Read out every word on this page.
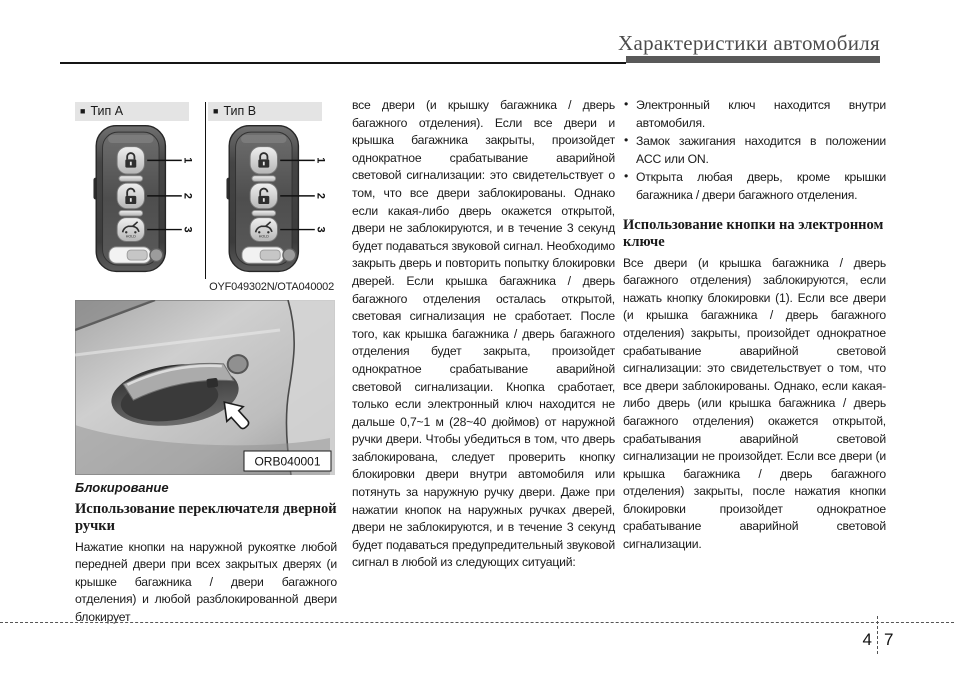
Характеристики автомобиля
■ Тип A
HOLD
1
2
3
■ Тип B
HOLD
1
2
3
OYF049302N/OTA040002
ORB040001
Блокирование
Использование переключателя дверной ручки

Нажатие кнопки на наружной рукоятке любой передней двери при всех закрытых дверях (и крышке багажника / двери багажного отделения) и любой разблокированной двери блокирует

все двери (и крышку багажника / дверь багажного отделения). Если все двери и крышка багажника закрыты, произойдет однократное срабатывание аварийной световой сигнализации: это свидетельствует о том, что все двери заблокированы. Однако если какая-либо дверь окажется открытой, двери не заблокируются, и в течение 3 секунд будет подаваться звуковой сигнал. Необходимо закрыть дверь и повторить попытку блокировки дверей. Если крышка багажника / дверь багажного отделения осталась открытой, световая сигнализация не сработает. После того, как крышка багажника / дверь багажного отделения будет закрыта, произойдет однократное срабатывание аварийной световой сигнализации. Кнопка сработает, только если электронный ключ находится не дальше 0,7~1 м (28~40 дюймов) от наружной ручки двери. Чтобы убедиться в том, что дверь заблокирована, следует проверить кнопку блокировки двери внутри автомобиля или потянуть за наружную ручку двери. Даже при нажатии кнопок на наружных ручках дверей, двери не заблокируются, и в течение 3 секунд будет подаваться предупредительный звуковой сигнал в любой из следующих ситуаций:

• Электронный ключ находится внутри автомобиля.
• Замок зажигания находится в положении ACC или ON.
• Открыта любая дверь, кроме крышки багажника / двери багажного отделения.
Использование кнопки на электронном ключе

Все двери (и крышка багажника / дверь багажного отделения) заблокируются, если нажать кнопку блокировки (1). Если все двери (и крышка багажника / дверь багажного отделения) закрыты, произойдет однократное срабатывание аварийной световой сигнализации: это свидетельствует о том, что все двери заблокированы. Однако, если какая-либо дверь (или крышка багажника / дверь багажного отделения) окажется открытой, срабатывания аварийной световой сигнализации не произойдет. Если все двери (и крышка багажника / дверь багажного отделения) закрыты, после нажатия кнопки блокировки произойдет однократное срабатывание аварийной световой сигнализации.

4 7
